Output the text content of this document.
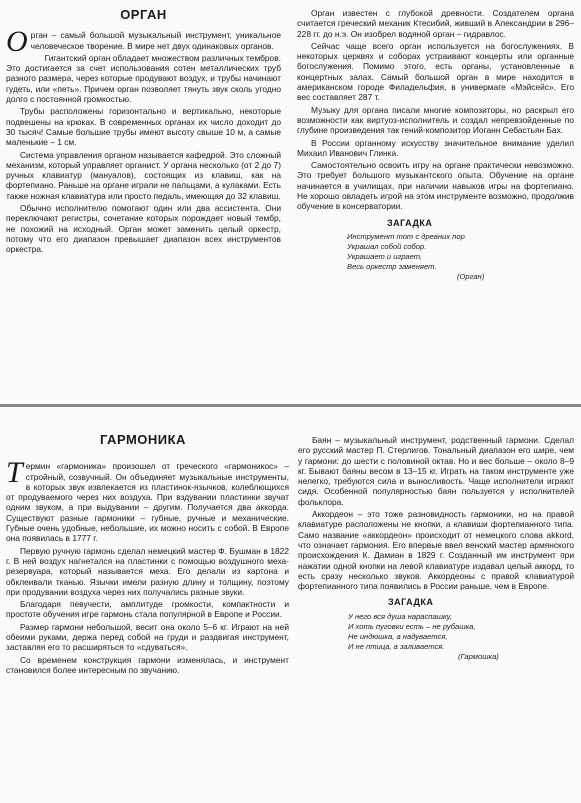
ОРГАН

Орган – самый большой музыкальный инструмент, уникальное человеческое творение. В мире нет двух одинаковых органов.

Гигантский орган обладает множеством различных тембров. Это достигается за счет использования сотен металлических труб разного размера, через которые продувают воздух, и трубы начинают гудеть, или «петь». Причем орган позволяет тянуть звук сколь угодно долго с постоянной громкостью.

Трубы расположены горизонтально и вертикально, некоторые подвешены на крюках. В современных органах их число доходит до 30 тысяч! Самые большие трубы имеют высоту свыше 10 м, а самые маленькие – 1 см.

Система управления органом называется кафедрой. Это сложный механизм, который управляет органист. У органа несколько (от 2 до 7) ручных клавиатур (мануалов), состоящих из клавиш, как на фортепиано. Раньше на органе играли не пальцами, а кулаками. Есть также ножная клавиатура или просто педаль, имеющая до 32 клавиш.

Обычно исполнителю помогают один или два ассистента. Они переключают регистры, сочетание которых порождает новый тембр, не похожий на исходный. Орган может заменить целый оркестр, потому что его диапазон превышает диапазон всех инструментов оркестра.

Орган известен с глубокой древности. Создателем органа считается греческий механик Ктесибий, живший в Александрии в 296–228 гг. до н.э. Он изобрел водяной орган – гидравлос.

Сейчас чаще всего орган используется на богослужениях. В некоторых церквях и соборах устраивают концерты или органные богослужения. Помимо этого, есть органы, установленные в концертных залах. Самый большой орган в мире находится в американском городе Филадельфия, в универмаге «Мэйсейс». Его вес составляет 287 т.

Музыку для органа писали многие композиторы, но раскрыл его возможности как виртуоз-исполнитель и создал непревзойденные по глубине произведения так гений-композитор Иоганн Себастьян Бах.

В России органному искусству значительное внимание уделил Михаил Иванович Глинка.

Самостоятельно освоить игру на органе практически невозможно. Это требует большого музыкантского опыта. Обучение на органе начинается в училищах, при наличии навыков игры на фортепиано. Не хорошо овладеть игрой на этом инструменте возможно, продолжив обучение в консерватории.

ЗАГАДКА
Инструмент тот с древних пор
Украшал собой собор.
Украшает и играет,
Весь оркестр заменяет.
(Орган)
ГАРМОНИКА

Термин «гармоника» произошел от греческого «гармоникос» – стройный, созвучный. Он объединяет музыкальные инструменты, в которых звук извлекается из пластинок-язычков, колеблющихся от продуваемого через них воздуха. При вздувании пластинки звучат одним звуком, а при выдувании – другим. Получается два аккорда. Существуют разные гармоники – губные, ручные и механические. Губные очень удобные, небольшие, их можно носить с собой. В Европе она появилась в 1777 г.

Первую ручную гармонь сделал немецкий мастер Ф. Бушман в 1822 г. В ней воздух нагнетался на пластинки с помощью воздушного меха-резервуара, который называется меха. Его делали из картона и обклеивали тканью. Язычки имели разную длину и толщину, поэтому при продувании воздуха через них получались разные звуки.

Благодаря певучести, амплитуде громкости, компактности и простоте обучения игре гармонь стала популярной в Европе и России.

Размер гармони небольшой, весит она около 5–6 кг. Играют на ней обеими руками, держа перед собой на груди и раздвигая инструмент, заставляя его то расширяться то «сдуваться».

Со временем конструкция гармони изменялась, и инструмент становился более интересным по звучанию.

Баян – музыкальный инструмент, родственный гармони. Сделал его русский мастер П. Стерлигов. Тональный диапазон его шире, чем у гармони: до шести с половиной октав. Но и вес больше – около 8–9 кг. Бывают баяны весом в 13–15 кг. Играть на таком инструменте уже нелегко, требуются сила и выносливость. Чаще исполнители играют сидя. Особенной популярностью баян пользуется у исполнителей фольклора.

Аккордеон – это тоже разновидность гармоники, но на правой клавиатуре расположены не кнопки, а клавиши фортепианного типа. Само название «аккордеон» происходит от немецкого слова akkord, что означает гармония. Его впервые ввел венский мастер армянского происхождения К. Дамиан в 1829 г. Созданный им инструмент при нажатии одной кнопки на левой клавиатуре издавал целый аккорд, то есть сразу несколько звуков. Аккордеоны с правой клавиатурой фортепианного типа появились в России раньше, чем в Европе.

ЗАГАДКА
У него вся душа нараспашку,
И хоть пуговки есть – не рубашка,
Не индюшка, а надувается,
И не птица, а заливается.
(Гармошка)
